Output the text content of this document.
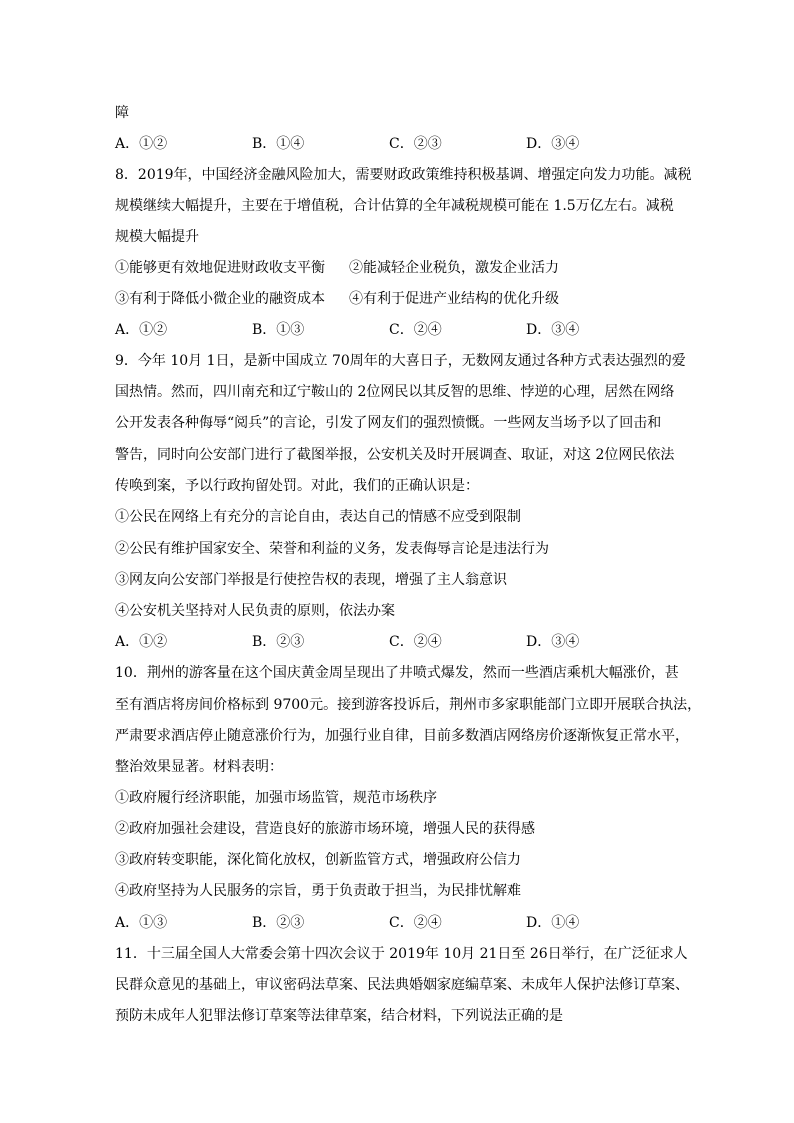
障
A．①②	B．①④	C．②③	D．③④
8．2019年，中国经济金融风险加大，需要财政政策维持积极基调、增强定向发力功能。减税
规模继续大幅提升，主要在于增值税，合计估算的全年减税规模可能在 1.5万亿左右。减税
规模大幅提升
①能够更有效地促进财政收支平衡 ②能减轻企业税负，激发企业活力
③有利于降低小微企业的融资成本 ④有利于促进产业结构的优化升级
A．①②	B．①③	C．②④	D．③④
9．今年 10月 1日，是新中国成立 70周年的大喜日子，无数网友通过各种方式表达强烈的爱
国热情。然而，四川南充和辽宁鞍山的 2位网民以其反智的思维、悖逆的心理，居然在网络
公开发表各种侮辱“阅兵”的言论，引发了网友们的强烈愤慨。一些网友当场予以了回击和
警告，同时向公安部门进行了截图举报，公安机关及时开展调查、取证，对这 2位网民依法
传唤到案，予以行政拘留处罚。对此，我们的正确认识是：
①公民在网络上有充分的言论自由，表达自己的情感不应受到限制
②公民有维护国家安全、荣誉和利益的义务，发表侮辱言论是违法行为
③网友向公安部门举报是行使控告权的表现，增强了主人翁意识
④公安机关坚持对人民负责的原则，依法办案
A．①②	B．②③	C．②④	D．③④
10．荆州的游客量在这个国庆黄金周呈现出了井喷式爆发，然而一些酒店乘机大幅涨价，甚
至有酒店将房间价格标到 9700元。接到游客投诉后，荆州市多家职能部门立即开展联合执法，
严肃要求酒店停止随意涨价行为，加强行业自律，目前多数酒店网络房价逐渐恢复正常水平，
整治效果显著。材料表明：
①政府履行经济职能，加强市场监管，规范市场秩序
②政府加强社会建设，营造良好的旅游市场环境，增强人民的获得感
③政府转变职能，深化简化放权，创新监管方式，增强政府公信力
④政府坚持为人民服务的宗旨，勇于负责敢于担当，为民排忧解难
A．①③	B．②③	C．②④	D．①④
11．十三届全国人大常委会第十四次会议于 2019年 10月 21日至 26日举行，在广泛征求人
民群众意见的基础上，审议密码法草案、民法典婚姻家庭编草案、未成年人保护法修订草案、
预防未成年人犯罪法修订草案等法律草案，结合材料，下列说法正确的是
